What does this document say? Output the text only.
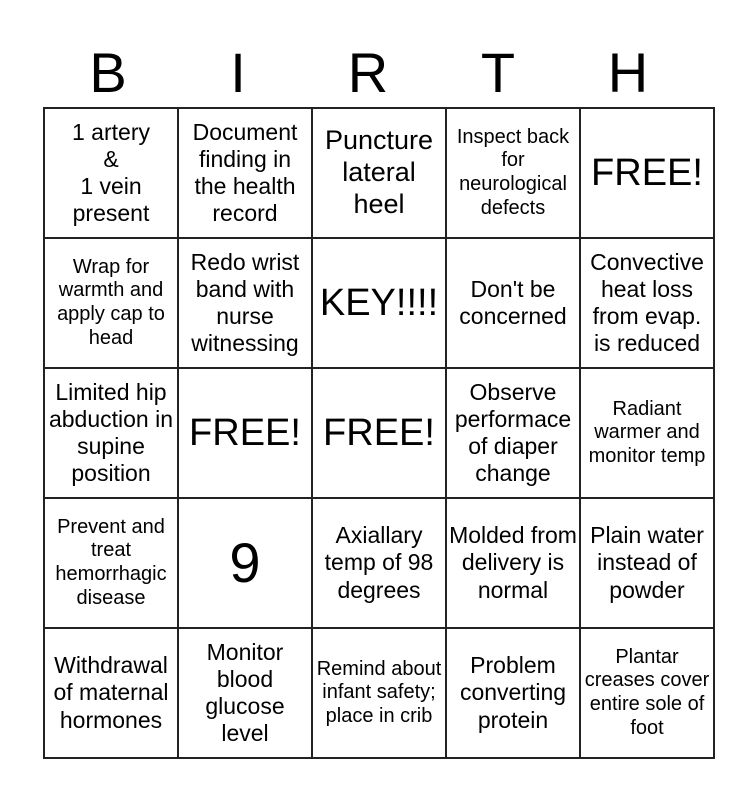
B	I	R	T	H
1 artery
&
1 vein
present	Document finding in the health record	Puncture lateral heel	Inspect back for neurological defects	FREE!
Wrap for warmth and apply cap to head	Redo wrist band with nurse witnessing	KEY!!!!	Don't be concerned	Convective heat loss from evap. is reduced
Limited hip abduction in supine position	FREE!	FREE!	Observe performace of diaper change	Radiant warmer and monitor temp
Prevent and treat hemorrhagic disease	9	Axiallary temp of 98 degrees	Molded from delivery is normal	Plain water instead of powder
Withdrawal of maternal hormones	Monitor blood glucose level	Remind about infant safety; place in crib	Problem converting protein	Plantar creases cover entire sole of foot
